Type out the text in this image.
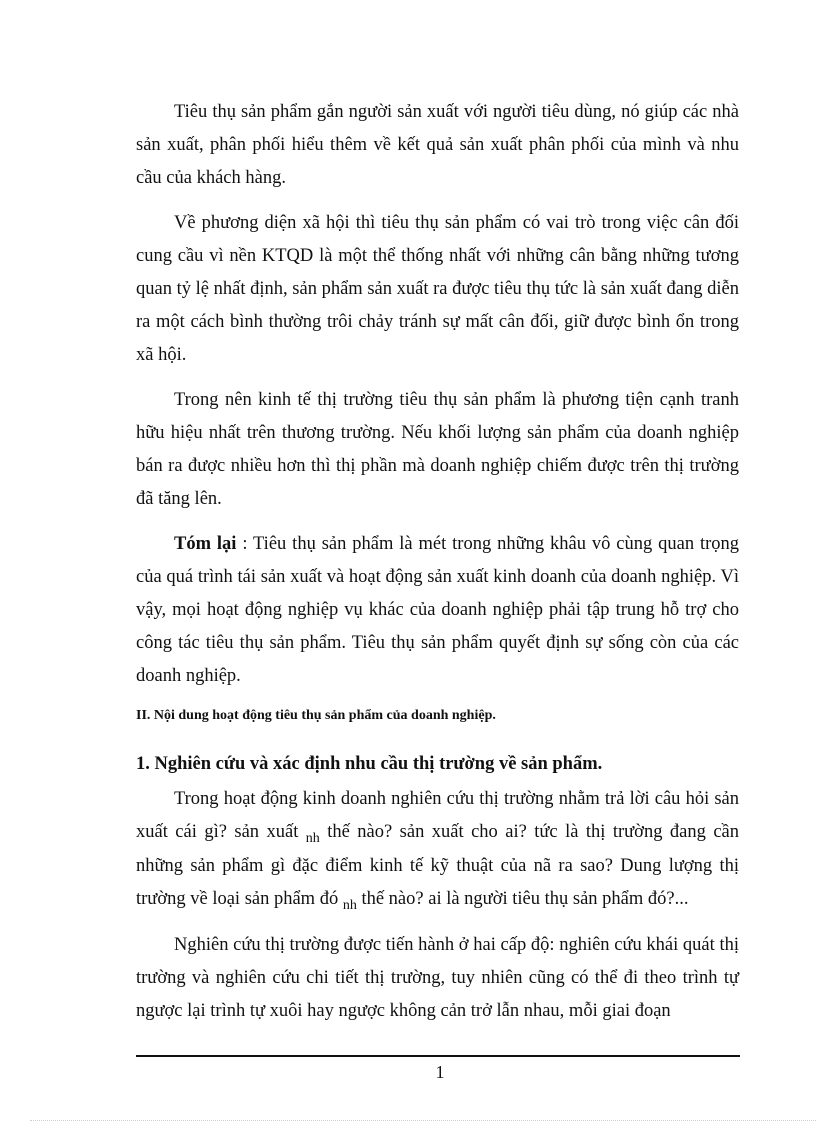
Tiêu thụ sản phẩm gắn người sản xuất với người tiêu dùng, nó giúp các nhà sản xuất, phân phối hiểu thêm về kết quả sản xuất phân phối của mình và nhu cầu của khách hàng.

Về phương diện xã hội thì tiêu thụ sản phẩm có vai trò trong việc cân đối cung cầu vì nền KTQD là một thể thống nhất với những cân bằng những tương quan tỷ lệ nhất định, sản phẩm sản xuất ra được tiêu thụ tức là sản xuất đang diễn ra một cách bình thường trôi chảy tránh sự mất cân đối, giữ được bình ổn trong xã hội.

Trong nên kinh tế thị trường tiêu thụ sản phẩm là phương tiện cạnh tranh hữu hiệu nhất trên thương trường. Nếu khối lượng sản phẩm của doanh nghiệp bán ra được nhiều hơn thì thị phần mà doanh nghiệp chiếm được trên thị trường đã tăng lên.

Tóm lại : Tiêu thụ sản phẩm là mét trong những khâu vô cùng quan trọng của quá trình tái sản xuất và hoạt động sản xuất kinh doanh của doanh nghiệp. Vì vậy, mọi hoạt động nghiệp vụ khác của doanh nghiệp phải tập trung hỗ trợ cho công tác tiêu thụ sản phẩm. Tiêu thụ sản phẩm quyết định sự sống còn của các doanh nghiệp.

II. Nội dung hoạt động tiêu thụ sản phẩm của doanh nghiệp.
1. Nghiên cứu và xác định nhu cầu thị trường về sản phẩm.

Trong hoạt động kinh doanh nghiên cứu thị trường nhằm trả lời câu hỏi sản xuất cái gì? sản xuất $_{nh}$ thế nào? sản xuất cho ai? tức là thị trường đang cần những sản phẩm gì đặc điểm kinh tế kỹ thuật của nã ra sao? Dung lượng thị trường về loại sản phẩm đó $_{nh}$ thế nào? ai là người tiêu thụ sản phẩm đó?...

Nghiên cứu thị trường được tiến hành ở hai cấp độ: nghiên cứu khái quát thị trường và nghiên cứu chi tiết thị trường, tuy nhiên cũng có thể đi theo trình tự ngược lại trình tự xuôi hay ngược không cản trở lẫn nhau, mỗi giai đoạn

1
